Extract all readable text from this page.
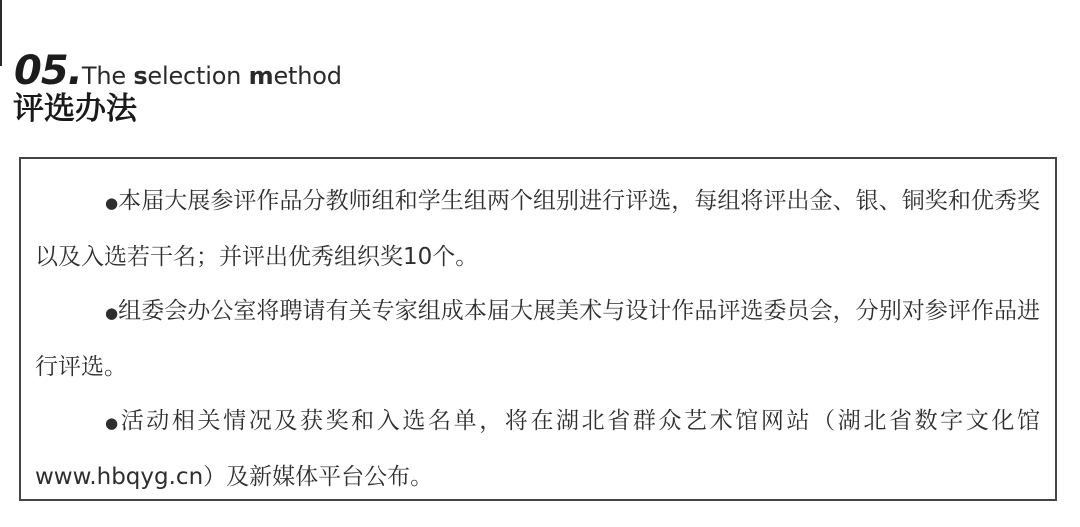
05. The selection method
评选办法

●本届大展参评作品分教师组和学生组两个组别进行评选，每组将评出金、银、铜奖和优秀奖以及入选若干名；并评出优秀组织奖10个。

●组委会办公室将聘请有关专家组成本届大展美术与设计作品评选委员会，分别对参评作品进行评选。

●活动相关情况及获奖和入选名单，将在湖北省群众艺术馆网站（湖北省数字文化馆www.hbqyg.cn）及新媒体平台公布。
